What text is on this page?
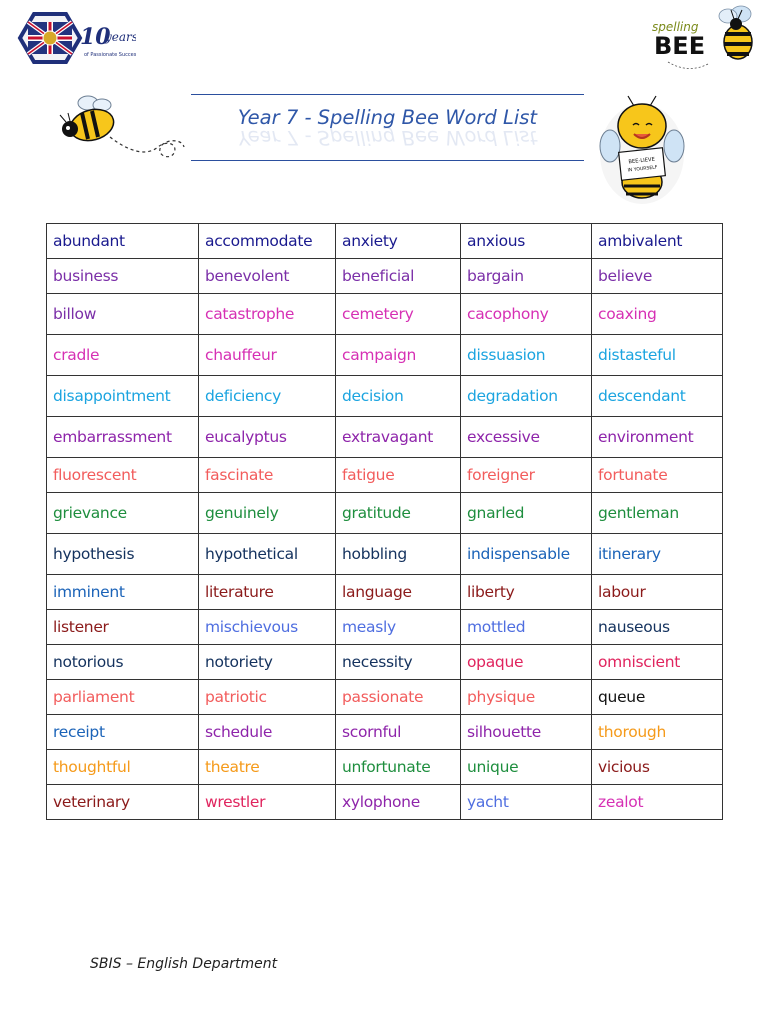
10
years
of Passionate Success
spelling
BEE
BEE-LIEVE
IN YOURSELF
Year 7 - Spelling Bee Word List
Year 7 - Spelling Bee Word List
abundant	accommodate	anxiety	anxious	ambivalent
business	benevolent	beneficial	bargain	believe
billow	catastrophe	cemetery	cacophony	coaxing
cradle	chauffeur	campaign	dissuasion	distasteful
disappointment	deficiency	decision	degradation	descendant
embarrassment	eucalyptus	extravagant	excessive	environment
fluorescent	fascinate	fatigue	foreigner	fortunate
grievance	genuinely	gratitude	gnarled	gentleman
hypothesis	hypothetical	hobbling	indispensable	itinerary
imminent	literature	language	liberty	labour
listener	mischievous	measly	mottled	nauseous
notorious	notoriety	necessity	opaque	omniscient
parliament	patriotic	passionate	physique	queue
receipt	schedule	scornful	silhouette	thorough
thoughtful	theatre	unfortunate	unique	vicious
veterinary	wrestler	xylophone	yacht	zealot
SBIS – English Department
